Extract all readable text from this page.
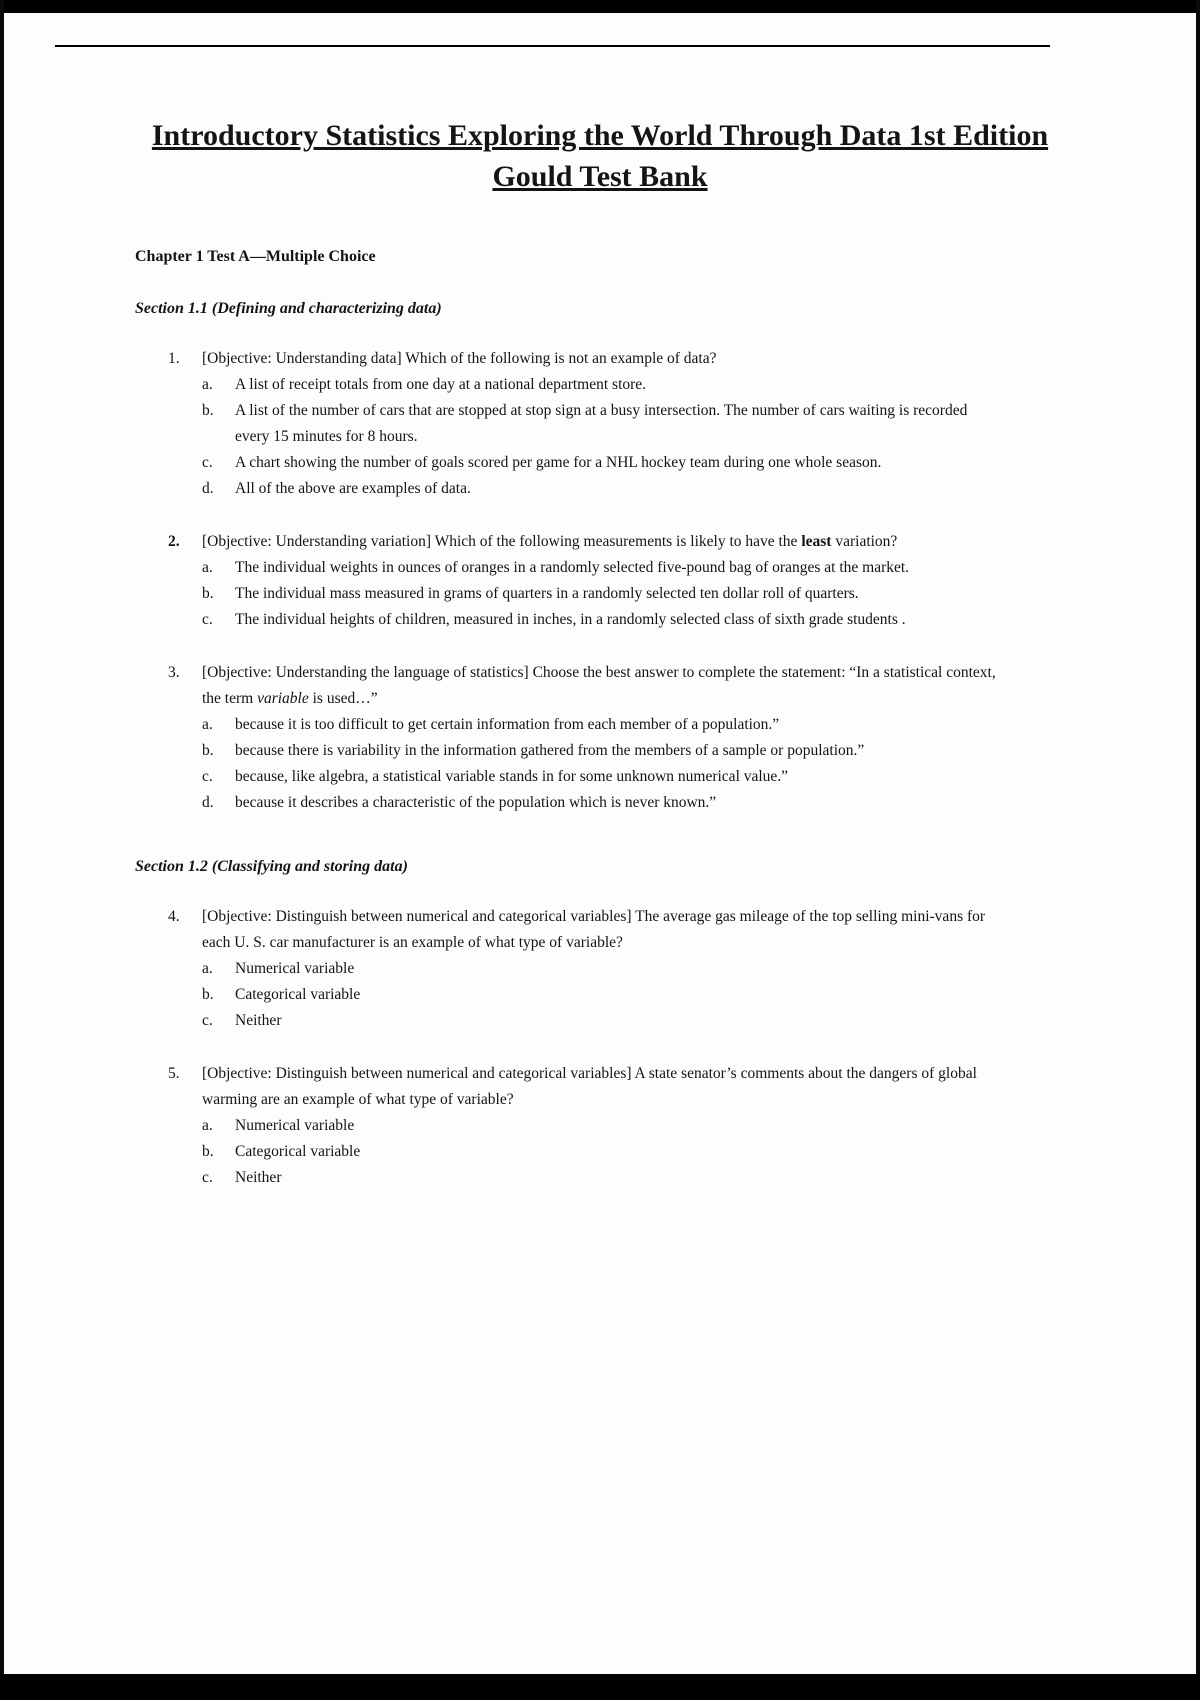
Introductory Statistics Exploring the World Through Data 1st Edition
Gould Test Bank
Chapter 1 Test A—Multiple Choice
Section 1.1 (Defining and characterizing data)
1.	[Objective: Understanding data] Which of the following is not an example of data?
a.	A list of receipt totals from one day at a national department store.
b.	A list of the number of cars that are stopped at stop sign at a busy intersection. The number of cars waiting is recorded every 15 minutes for 8 hours.
c.	A chart showing the number of goals scored per game for a NHL hockey team during one whole season.
d.	All of the above are examples of data.
2.	[Objective: Understanding variation] Which of the following measurements is likely to have the least variation?
a.	The individual weights in ounces of oranges in a randomly selected five-pound bag of oranges at the market.
b.	The individual mass measured in grams of quarters in a randomly selected ten dollar roll of quarters.
c.	The individual heights of children, measured in inches, in a randomly selected class of sixth grade students .
3.	[Objective: Understanding the language of statistics] Choose the best answer to complete the statement: “In a statistical context, the term variable is used…”
a.	because it is too difficult to get certain information from each member of a population.”
b.	because there is variability in the information gathered from the members of a sample or population.”
c.	because, like algebra, a statistical variable stands in for some unknown numerical value.”
d.	because it describes a characteristic of the population which is never known.”
Section 1.2 (Classifying and storing data)
4.	[Objective: Distinguish between numerical and categorical variables] The average gas mileage of the top selling mini-vans for each U. S. car manufacturer is an example of what type of variable?
a.	Numerical variable
b.	Categorical variable
c.	Neither
5.	[Objective: Distinguish between numerical and categorical variables] A state senator’s comments about the dangers of global warming are an example of what type of variable?
a.	Numerical variable
b.	Categorical variable
c.	Neither
